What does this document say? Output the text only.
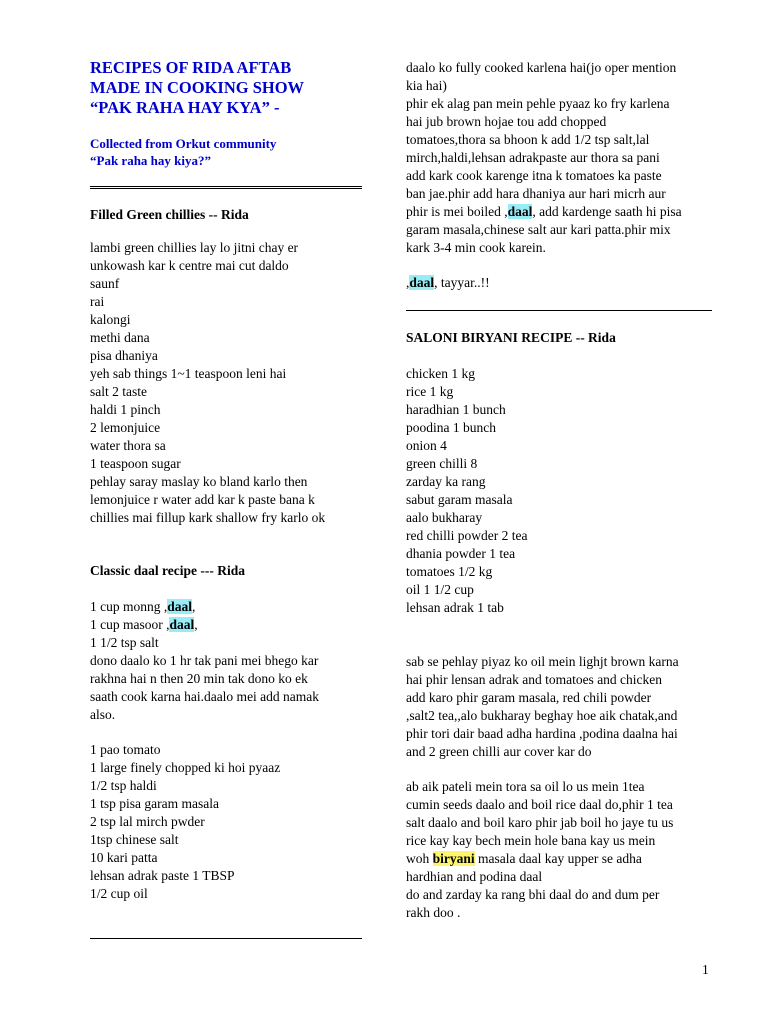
RECIPES OF RIDA AFTAB
MADE IN COOKING SHOW
“PAK RAHA HAY KYA” -
Collected from Orkut community
“Pak raha hay kiya?”
Filled Green chillies -- Rida
lambi green chillies lay lo jitni chay er
unkowash kar k centre mai cut daldo
saunf
rai
kalongi
methi dana
pisa dhaniya
yeh sab things 1~1 teaspoon leni hai
salt 2 taste
haldi 1 pinch
2 lemonjuice
water thora sa
1 teaspoon sugar
pehlay saray maslay ko bland karlo then
lemonjuice r water add kar k paste bana k
chillies mai fillup kark shallow fry karlo ok
Classic daal recipe --- Rida
1 cup monng ,daal,
1 cup masoor ,daal,
1 1/2 tsp salt
dono daalo ko 1 hr tak pani mei bhego kar
rakhna hai n then 20 min tak dono ko ek
saath cook karna hai.daalo mei add namak
also.
1 pao tomato
1 large finely chopped ki hoi pyaaz
1/2 tsp haldi
1 tsp pisa garam masala
2 tsp lal mirch pwder
1tsp chinese salt
10 kari patta
lehsan adrak paste 1 TBSP
1/2 cup oil
daalo ko fully cooked karlena hai(jo oper mention
kia hai)
phir ek alag pan mein pehle pyaaz ko fry karlena
hai jub brown hojae tou add chopped
tomatoes,thora sa bhoon k add 1/2 tsp salt,lal
mirch,haldi,lehsan adrakpaste aur thora sa pani
add kark cook karenge itna k tomatoes ka paste
ban jae.phir add hara dhaniya aur hari micrh aur
phir is mei boiled ,daal, add kardenge saath hi pisa
garam masala,chinese salt aur kari patta.phir mix
kark 3-4 min cook karein.
,daal, tayyar..!!
SALONI BIRYANI RECIPE -- Rida
chicken 1 kg
rice 1 kg
haradhian 1 bunch
poodina 1 bunch
onion 4
green chilli 8
zarday ka rang
sabut garam masala
aalo bukharay
red chilli powder 2 tea
dhania powder 1 tea
tomatoes 1/2 kg
oil 1 1/2 cup
lehsan adrak 1 tab
sab se pehlay piyaz ko oil mein lighjt brown karna
hai phir lensan adrak and tomatoes and chicken
add karo phir garam masala, red chili powder
,salt2 tea,,alo bukharay beghay hoe aik chatak,and
phir tori dair baad adha hardina ,podina daalna hai
and 2 green chilli aur cover kar do
ab aik pateli mein tora sa oil lo us mein 1tea
cumin seeds daalo and boil rice daal do,phir 1 tea
salt daalo and boil karo phir jab boil ho jaye tu us
rice kay kay bech mein hole bana kay us mein
woh biryani masala daal kay upper se adha
hardhian and podina daal
do and zarday ka rang bhi daal do and dum per
rakh doo .
1
